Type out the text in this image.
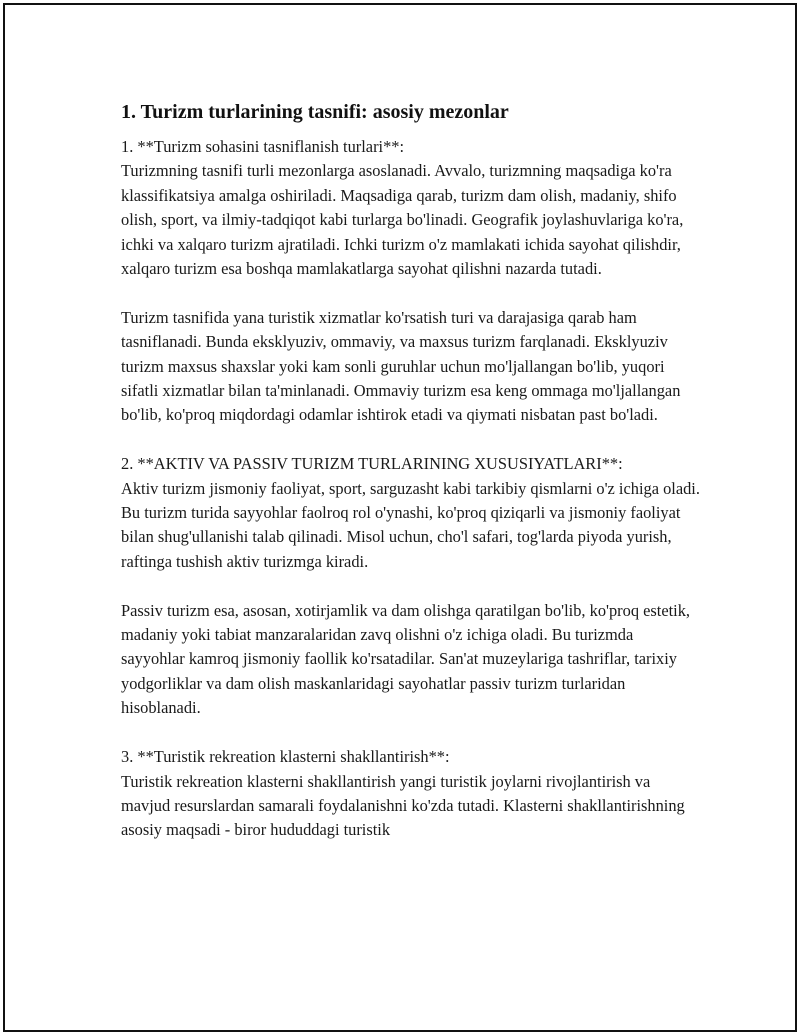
1. Turizm turlarining tasnifi: asosiy mezonlar

1. **Turizm sohasini tasniflanish turlari**:
Turizmning tasnifi turli mezonlarga asoslanadi. Avvalo, turizmning maqsadiga ko'ra klassifikatsiya amalga oshiriladi. Maqsadiga qarab, turizm dam olish, madaniy, shifo olish, sport, va ilmiy-tadqiqot kabi turlarga bo'linadi. Geografik joylashuvlariga ko'ra, ichki va xalqaro turizm ajratiladi. Ichki turizm o'z mamlakati ichida sayohat qilishdir, xalqaro turizm esa boshqa mamlakatlarga sayohat qilishni nazarda tutadi.

Turizm tasnifida yana turistik xizmatlar ko'rsatish turi va darajasiga qarab ham tasniflanadi. Bunda eksklyuziv, ommaviy, va maxsus turizm farqlanadi. Eksklyuziv turizm maxsus shaxslar yoki kam sonli guruhlar uchun mo'ljallangan bo'lib, yuqori sifatli xizmatlar bilan ta'minlanadi. Ommaviy turizm esa keng ommaga mo'ljallangan bo'lib, ko'proq miqdordagi odamlar ishtirok etadi va qiymati nisbatan past bo'ladi.

2. **AKTIV VA PASSIV TURIZM TURLARINING XUSUSIYATLARI**:
Aktiv turizm jismoniy faoliyat, sport, sarguzasht kabi tarkibiy qismlarni o'z ichiga oladi. Bu turizm turida sayyohlar faolroq rol o'ynashi, ko'proq qiziqarli va jismoniy faoliyat bilan shug'ullanishi talab qilinadi. Misol uchun, cho'l safari, tog'larda piyoda yurish, raftinga tushish aktiv turizmga kiradi.

Passiv turizm esa, asosan, xotirjamlik va dam olishga qaratilgan bo'lib, ko'proq estetik, madaniy yoki tabiat manzaralaridan zavq olishni o'z ichiga oladi. Bu turizmda sayyohlar kamroq jismoniy faollik ko'rsatadilar. San'at muzeylariga tashriflar, tarixiy yodgorliklar va dam olish maskanlaridagi sayohatlar passiv turizm turlaridan hisoblanadi.

3. **Turistik rekreation klasterni shakllantirish**:
Turistik rekreation klasterni shakllantirish yangi turistik joylarni rivojlantirish va mavjud resurslardan samarali foydalanishni ko'zda tutadi. Klasterni shakllantirishning asosiy maqsadi - biror hududdagi turistik
